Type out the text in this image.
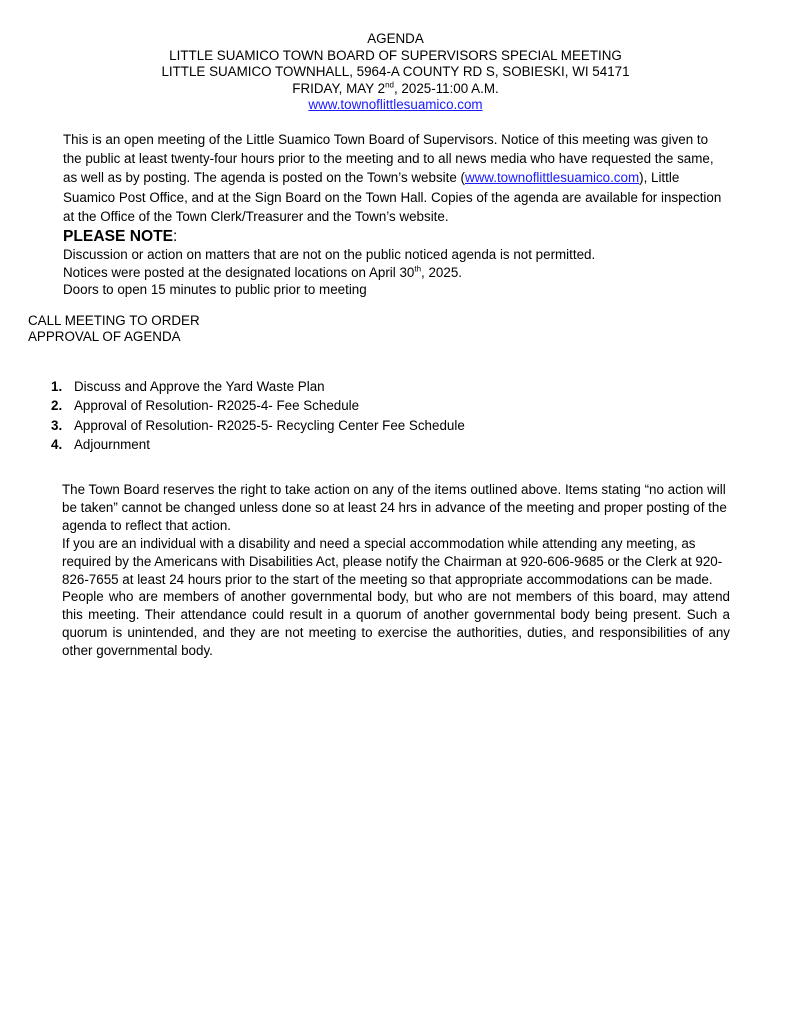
AGENDA
LITTLE SUAMICO TOWN BOARD OF SUPERVISORS SPECIAL MEETING
LITTLE SUAMICO TOWNHALL, 5964-A COUNTY RD S, SOBIESKI, WI 54171
FRIDAY, MAY 2nd, 2025-11:00 A.M.
www.townoflittlesuamico.com
This is an open meeting of the Little Suamico Town Board of Supervisors. Notice of this meeting was given to the public at least twenty-four hours prior to the meeting and to all news media who have requested the same, as well as by posting. The agenda is posted on the Town’s website (www.townoflittlesuamico.com), Little Suamico Post Office, and at the Sign Board on the Town Hall. Copies of the agenda are available for inspection at the Office of the Town Clerk/Treasurer and the Town’s website.
PLEASE NOTE:
Discussion or action on matters that are not on the public noticed agenda is not permitted.
Notices were posted at the designated locations on April 30th, 2025.
Doors to open 15 minutes to public prior to meeting
CALL MEETING TO ORDER
APPROVAL OF AGENDA
1. Discuss and Approve the Yard Waste Plan
2. Approval of Resolution- R2025-4- Fee Schedule
3. Approval of Resolution- R2025-5- Recycling Center Fee Schedule
4. Adjournment

The Town Board reserves the right to take action on any of the items outlined above. Items stating “no action will be taken” cannot be changed unless done so at least 24 hrs in advance of the meeting and proper posting of the agenda to reflect that action.

If you are an individual with a disability and need a special accommodation while attending any meeting, as required by the Americans with Disabilities Act, please notify the Chairman at 920-606-9685 or the Clerk at 920-826-7655 at least 24 hours prior to the start of the meeting so that appropriate accommodations can be made.

People who are members of another governmental body, but who are not members of this board, may attend this meeting. Their attendance could result in a quorum of another governmental body being present. Such a quorum is unintended, and they are not meeting to exercise the authorities, duties, and responsibilities of any other governmental body.
